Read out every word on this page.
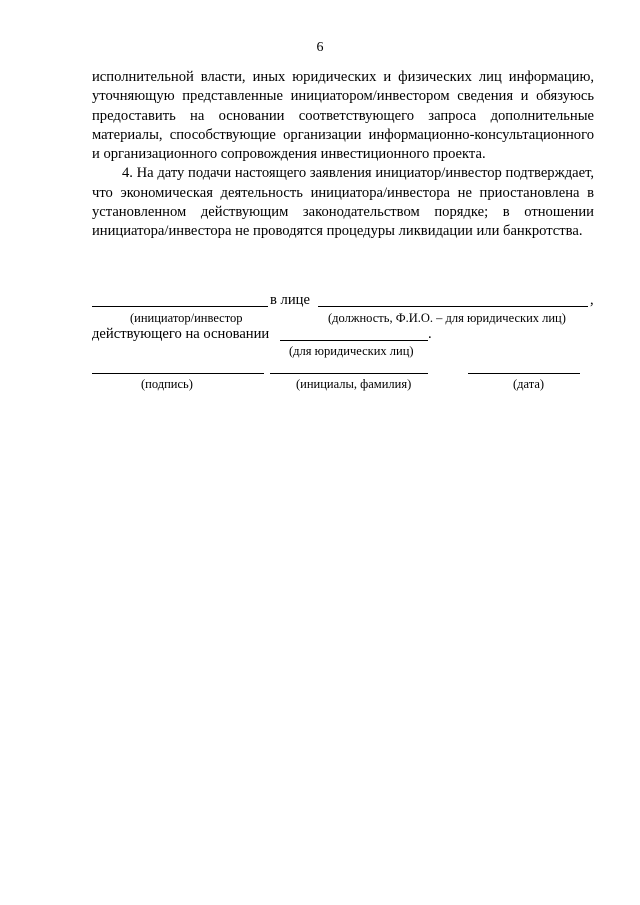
6

исполнительной власти, иных юридических и физических лиц информацию, уточняющую представленные инициатором/инвестором сведения и обязуюсь предоставить на основании соответствующего запроса дополнительные материалы, способствующие организации информационно-консультационного и организационного сопровождения инвестиционного проекта.

4. На дату подачи настоящего заявления инициатор/инвестор подтверждает, что экономическая деятельность инициатора/инвестора не приостановлена в установленном действующим законодательством порядке; в отношении инициатора/инвестора не проводятся процедуры ликвидации или банкротства.

в лице	,
(инициатор/инвестор	(должность, Ф.И.О. – для юридических лиц)
действующего на основании	.
(для юридических лиц)
(подпись)	(инициалы, фамилия)	(дата)
